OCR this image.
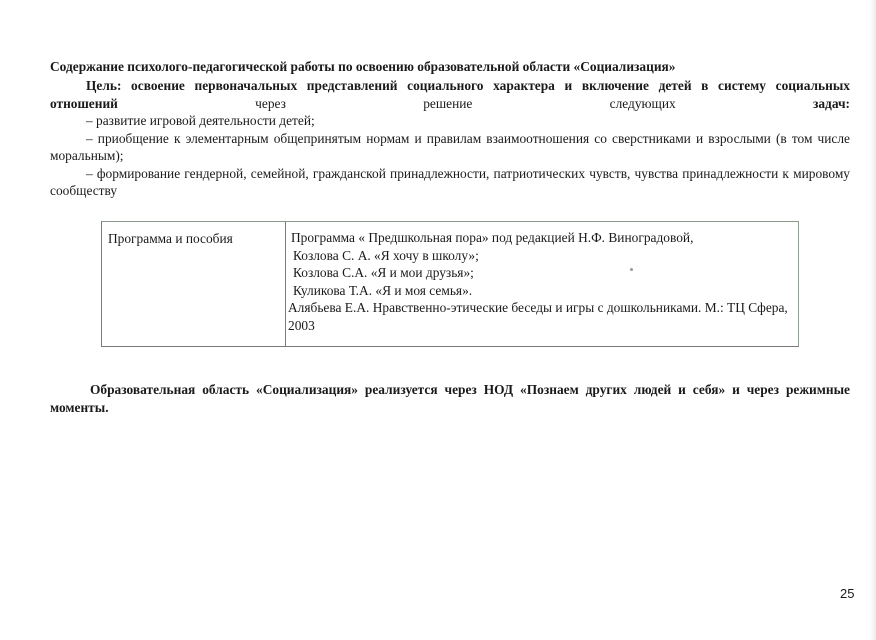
Содержание психолого-педагогической работы по освоению образовательной области «Социализация»

Цель: освоение первоначальных представлений социального характера и включение детей в систему социальных отношений через решение следующих задач:

– развитие игровой деятельности детей;

– приобщение к элементарным общепринятым нормам и правилам взаимоотношения со сверстниками и взрослыми (в том числе моральным);

– формирование гендерной, семейной, гражданской принадлежности, патриотических чувств, чувства принадлежности к мировому сообществу

Программа и пособия	Программа « Предшкольная пора» под редакцией Н.Ф. Виноградовой,
Козлова С. А. «Я хочу в школу»;
Козлова С.А. «Я и мои друзья»;
Куликова Т.А. «Я и моя семья».
Алябьева Е.А. Нравственно-этические беседы и игры с дошкольниками. М.: ТЦ Сфера, 2003
Образовательная область «Социализация» реализуется через НОД «Познаем других людей и себя» и через режимные моменты.
25
